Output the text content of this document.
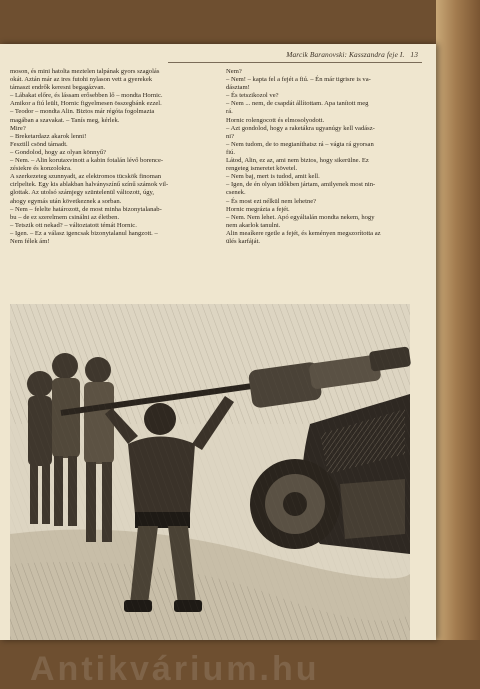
Marcik Baranovski: Kasszandra feje I. 13
moson, és mini hatolta meztelen talpának gyors szagolás
okát. Aztán már az ires futohi nylason vett a gyerekek
támaszt endrők keresni begagázvan.
– Lábakat előre, és lássam erősebben lő – mondta Hornic.
Amikor a fiú leült, Hornic figyelmesen összegbánk ezzel.
– Teodor – mondta Alin. Biztos már régóta fogolmazta
magában a szavakat. – Tanís meg, kérlek.
Mire?
– Breketardazz akarok lenni!
Fesztill csönd támadt.
– Gondolod, hogy az olyan könnyű?
– Nem. – Alin korutaxvinott a kabin fotalán lévő borence-
zésiekre és konzolokra.
A szerkezeteg szunnyadt, az elektromos tücskök finoman
cirlpeltek. Egy kis ablakban halványszínű színű számok vil-
glottak. Az utolsó számjegy szüntelenül változott, úgy,
ahogy egymás után következnek a sorban.
– Nem – felelte határozott, de most minha bizonytalanab-
bu – de ez szerelmem csinálni az életben.
– Tetszik ott nekad? – változtatott témát Hornic.
– Igen. – Ez a válasz igencsak bizonytalanul hangzott. –
Nem félek ám!
Nem?
– Nem! – kapta fel a fejét a fiú. – Én már tigrisre is va-
dásztam!
– És tetszikozol ve?
– Nem ... nem, de csapdát állítottam. Apa tanított meg
rá.
Hornic rolengocott és elmosolyodott.
– Azt gondolod, hogy a raketákra ugyanúgy kell vadász-
ni?
– Nem tudom, de to megtaníthatsz rá – vágta rá gyorsan
fiú.
Látod, Alin, ez az, ami nem biztos, hogy sikerülne. Ez
rengeteg ismeretet követel.
– Nem baj, mert is tudod, amit kell.
– Igen, de én olyan időkben jártam, amilyenek most nin-
csenek.
– És most ezt nélkül nem lehetne?
Hornic megrázta a fejét.
– Nem. Nem lehet. Apó egyáltalán mondta nekem, hogy
nem akarlok tanulni.
Alin meaíkere rgetle a fejét, és keményen megszorította az
ülés karfáját.
Antikvárium.hu
